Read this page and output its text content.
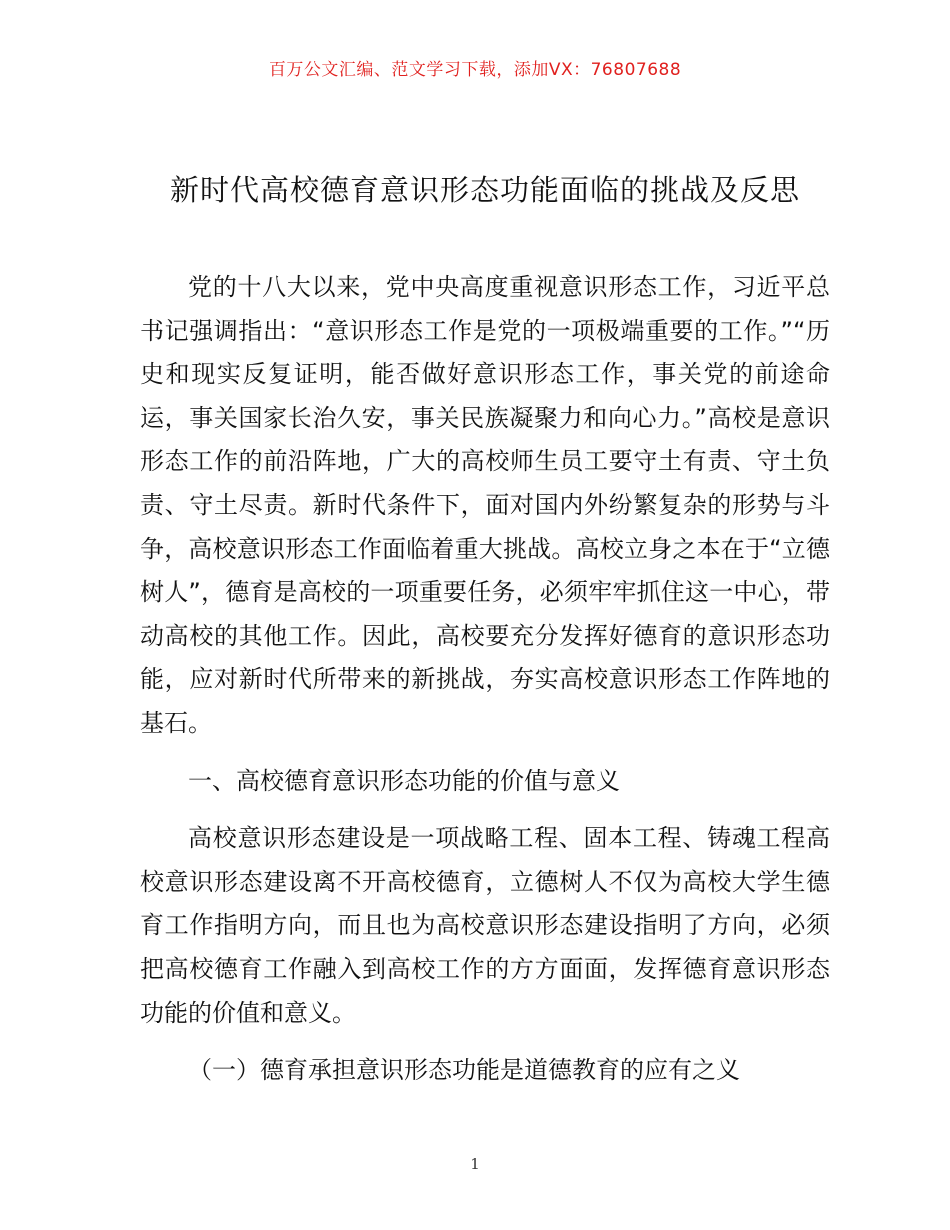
百万公文汇编、范文学习下载，添加VX：76807688
新时代高校德育意识形态功能面临的挑战及反思

党的十八大以来，党中央高度重视意识形态工作，习近平总书记强调指出：“意识形态工作是党的一项极端重要的工作。”“历史和现实反复证明，能否做好意识形态工作，事关党的前途命运，事关国家长治久安，事关民族凝聚力和向心力。”高校是意识形态工作的前沿阵地，广大的高校师生员工要守土有责、守土负责、守土尽责。新时代条件下，面对国内外纷繁复杂的形势与斗争，高校意识形态工作面临着重大挑战。高校立身之本在于“立德树人”，德育是高校的一项重要任务，必须牢牢抓住这一中心，带动高校的其他工作。因此，高校要充分发挥好德育的意识形态功能，应对新时代所带来的新挑战，夯实高校意识形态工作阵地的基石。

一、高校德育意识形态功能的价值与意义

高校意识形态建设是一项战略工程、固本工程、铸魂工程高校意识形态建设离不开高校德育，立德树人不仅为高校大学生德育工作指明方向，而且也为高校意识形态建设指明了方向，必须把高校德育工作融入到高校工作的方方面面，发挥德育意识形态功能的价值和意义。

（一）德育承担意识形态功能是道德教育的应有之义

1
